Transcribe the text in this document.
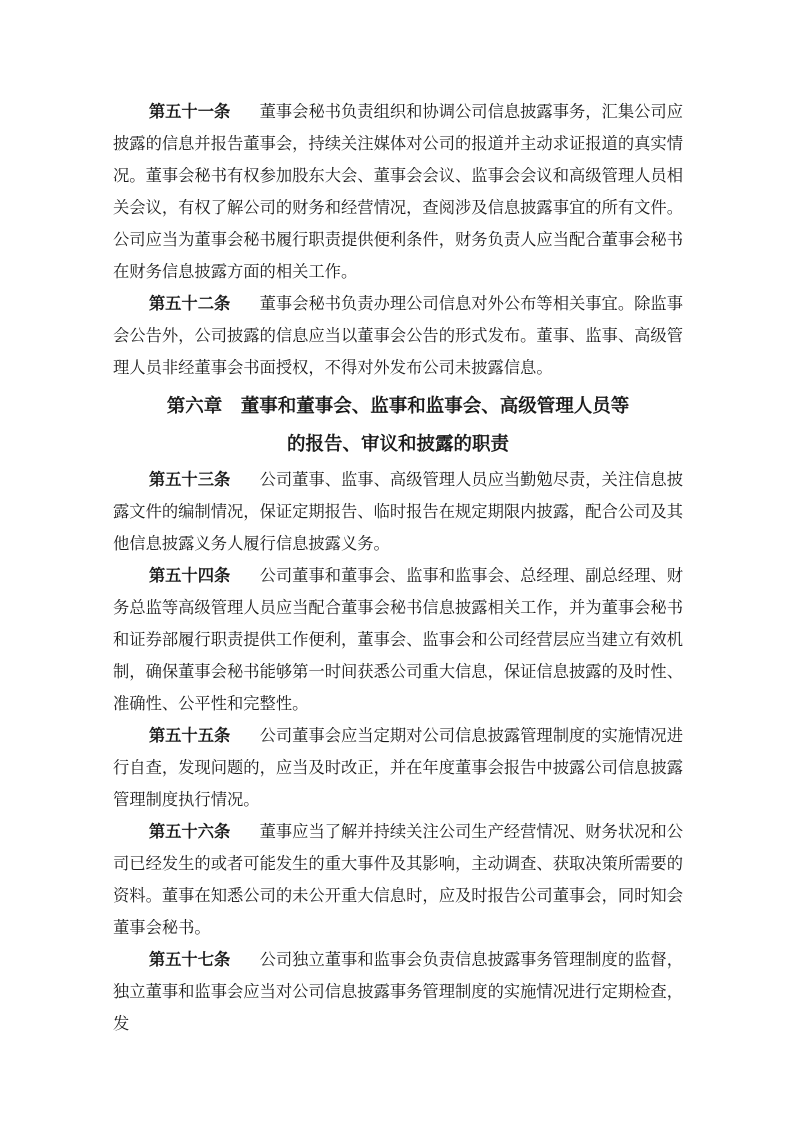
第五十一条 董事会秘书负责组织和协调公司信息披露事务，汇集公司应披露的信息并报告董事会，持续关注媒体对公司的报道并主动求证报道的真实情况。董事会秘书有权参加股东大会、董事会会议、监事会会议和高级管理人员相关会议，有权了解公司的财务和经营情况，查阅涉及信息披露事宜的所有文件。公司应当为董事会秘书履行职责提供便利条件，财务负责人应当配合董事会秘书在财务信息披露方面的相关工作。

第五十二条 董事会秘书负责办理公司信息对外公布等相关事宜。除监事会公告外，公司披露的信息应当以董事会公告的形式发布。董事、监事、高级管理人员非经董事会书面授权，不得对外发布公司未披露信息。

第六章　董事和董事会、监事和监事会、高级管理人员等
的报告、审议和披露的职责

第五十三条 公司董事、监事、高级管理人员应当勤勉尽责，关注信息披露文件的编制情况，保证定期报告、临时报告在规定期限内披露，配合公司及其他信息披露义务人履行信息披露义务。

第五十四条 公司董事和董事会、监事和监事会、总经理、副总经理、财务总监等高级管理人员应当配合董事会秘书信息披露相关工作，并为董事会秘书和证券部履行职责提供工作便利，董事会、监事会和公司经营层应当建立有效机制，确保董事会秘书能够第一时间获悉公司重大信息，保证信息披露的及时性、准确性、公平性和完整性。

第五十五条 公司董事会应当定期对公司信息披露管理制度的实施情况进行自查，发现问题的，应当及时改正，并在年度董事会报告中披露公司信息披露管理制度执行情况。

第五十六条 董事应当了解并持续关注公司生产经营情况、财务状况和公司已经发生的或者可能发生的重大事件及其影响，主动调查、获取决策所需要的资料。董事在知悉公司的未公开重大信息时，应及时报告公司董事会，同时知会董事会秘书。

第五十七条 公司独立董事和监事会负责信息披露事务管理制度的监督，独立董事和监事会应当对公司信息披露事务管理制度的实施情况进行定期检查，发
